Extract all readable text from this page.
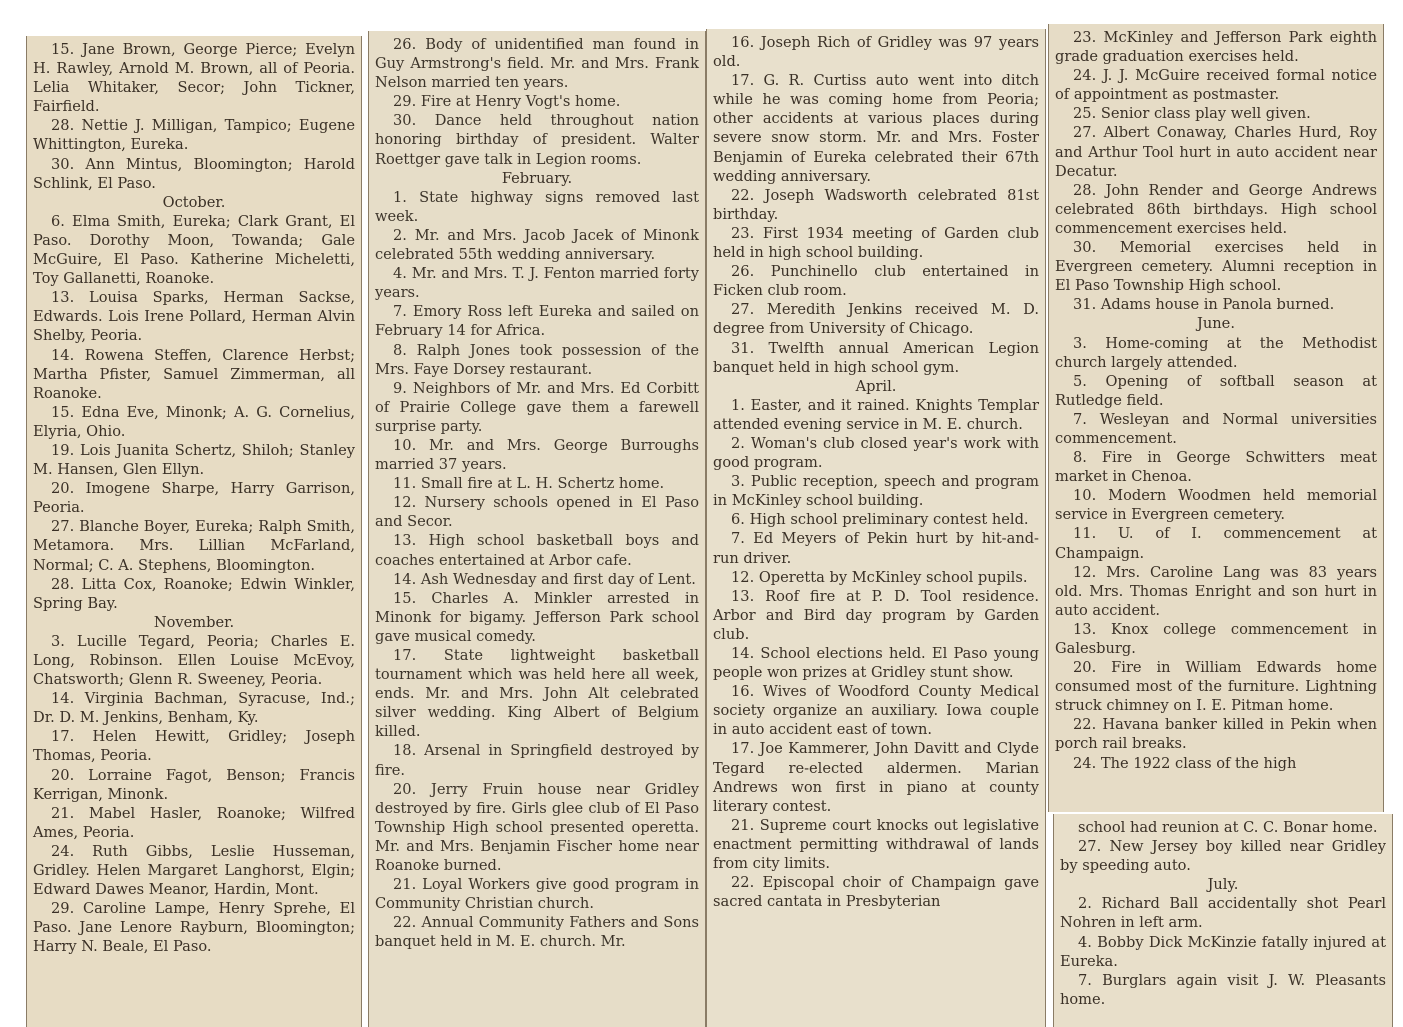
15. Jane Brown, George Pierce; Evelyn H. Rawley, Arnold M. Brown, all of Peoria. Lelia Whitaker, Secor; John Tickner, Fairfield.

28. Nettie J. Milligan, Tampico; Eugene Whittington, Eureka.

30. Ann Mintus, Bloomington; Harold Schlink, El Paso.

October.

6. Elma Smith, Eureka; Clark Grant, El Paso. Dorothy Moon, Towanda; Gale McGuire, El Paso. Katherine Micheletti, Toy Gallanetti, Roanoke.

13. Louisa Sparks, Herman Sackse, Edwards. Lois Irene Pollard, Herman Alvin Shelby, Peoria.

14. Rowena Steffen, Clarence Herbst; Martha Pfister, Samuel Zimmerman, all Roanoke.

15. Edna Eve, Minonk; A. G. Cornelius, Elyria, Ohio.

19. Lois Juanita Schertz, Shiloh; Stanley M. Hansen, Glen Ellyn.

20. Imogene Sharpe, Harry Garrison, Peoria.

27. Blanche Boyer, Eureka; Ralph Smith, Metamora. Mrs. Lillian McFarland, Normal; C. A. Stephens, Bloomington.

28. Litta Cox, Roanoke; Edwin Winkler, Spring Bay.

November.

3. Lucille Tegard, Peoria; Charles E. Long, Robinson. Ellen Louise McEvoy, Chatsworth; Glenn R. Sweeney, Peoria.

14. Virginia Bachman, Syracuse, Ind.; Dr. D. M. Jenkins, Benham, Ky.

17. Helen Hewitt, Gridley; Joseph Thomas, Peoria.

20. Lorraine Fagot, Benson; Francis Kerrigan, Minonk.

21. Mabel Hasler, Roanoke; Wilfred Ames, Peoria.

24. Ruth Gibbs, Leslie Husseman, Gridley. Helen Margaret Langhorst, Elgin; Edward Dawes Meanor, Hardin, Mont.

29. Caroline Lampe, Henry Sprehe, El Paso. Jane Lenore Rayburn, Bloomington; Harry N. Beale, El Paso.

26. Body of unidentified man found in Guy Armstrong's field. Mr. and Mrs. Frank Nelson married ten years.

29. Fire at Henry Vogt's home.

30. Dance held throughout nation honoring birthday of president. Walter Roettger gave talk in Legion rooms.

February.

1. State highway signs removed last week.

2. Mr. and Mrs. Jacob Jacek of Minonk celebrated 55th wedding anniversary.

4. Mr. and Mrs. T. J. Fenton married forty years.

7. Emory Ross left Eureka and sailed on February 14 for Africa.

8. Ralph Jones took possession of the Mrs. Faye Dorsey restaurant.

9. Neighbors of Mr. and Mrs. Ed Corbitt of Prairie College gave them a farewell surprise party.

10. Mr. and Mrs. George Burroughs married 37 years.

11. Small fire at L. H. Schertz home.

12. Nursery schools opened in El Paso and Secor.

13. High school basketball boys and coaches entertained at Arbor cafe.

14. Ash Wednesday and first day of Lent.

15. Charles A. Minkler arrested in Minonk for bigamy. Jefferson Park school gave musical comedy.

17. State lightweight basketball tournament which was held here all week, ends. Mr. and Mrs. John Alt celebrated silver wedding. King Albert of Belgium killed.

18. Arsenal in Springfield destroyed by fire.

20. Jerry Fruin house near Gridley destroyed by fire. Girls glee club of El Paso Township High school presented operetta. Mr. and Mrs. Benjamin Fischer home near Roanoke burned.

21. Loyal Workers give good program in Community Christian church.

22. Annual Community Fathers and Sons banquet held in M. E. church. Mr.

16. Joseph Rich of Gridley was 97 years old.

17. G. R. Curtiss auto went into ditch while he was coming home from Peoria; other accidents at various places during severe snow storm. Mr. and Mrs. Foster Benjamin of Eureka celebrated their 67th wedding anniversary.

22. Joseph Wadsworth celebrated 81st birthday.

23. First 1934 meeting of Garden club held in high school building.

26. Punchinello club entertained in Ficken club room.

27. Meredith Jenkins received M. D. degree from University of Chicago.

31. Twelfth annual American Legion banquet held in high school gym.

April.

1. Easter, and it rained. Knights Templar attended evening service in M. E. church.

2. Woman's club closed year's work with good program.

3. Public reception, speech and program in McKinley school building.

6. High school preliminary contest held.

7. Ed Meyers of Pekin hurt by hit-and-run driver.

12. Operetta by McKinley school pupils.

13. Roof fire at P. D. Tool residence. Arbor and Bird day program by Garden club.

14. School elections held. El Paso young people won prizes at Gridley stunt show.

16. Wives of Woodford County Medical society organize an auxiliary. Iowa couple in auto accident east of town.

17. Joe Kammerer, John Davitt and Clyde Tegard re-elected aldermen. Marian Andrews won first in piano at county literary contest.

21. Supreme court knocks out legislative enactment permitting withdrawal of lands from city limits.

22. Episcopal choir of Champaign gave sacred cantata in Presbyterian

23. McKinley and Jefferson Park eighth grade graduation exercises held.

24. J. J. McGuire received formal notice of appointment as postmaster.

25. Senior class play well given.

27. Albert Conaway, Charles Hurd, Roy and Arthur Tool hurt in auto accident near Decatur.

28. John Render and George Andrews celebrated 86th birthdays. High school commencement exercises held.

30. Memorial exercises held in Evergreen cemetery. Alumni reception in El Paso Township High school.

31. Adams house in Panola burned.

June.

3. Home-coming at the Methodist church largely attended.

5. Opening of softball season at Rutledge field.

7. Wesleyan and Normal universities commencement.

8. Fire in George Schwitters meat market in Chenoa.

10. Modern Woodmen held memorial service in Evergreen cemetery.

11. U. of I. commencement at Champaign.

12. Mrs. Caroline Lang was 83 years old. Mrs. Thomas Enright and son hurt in auto accident.

13. Knox college commencement in Galesburg.

20. Fire in William Edwards home consumed most of the furniture. Lightning struck chimney on I. E. Pitman home.

22. Havana banker killed in Pekin when porch rail breaks.

24. The 1922 class of the high

school had reunion at C. C. Bonar home.

27. New Jersey boy killed near Gridley by speeding auto.

July.

2. Richard Ball accidentally shot Pearl Nohren in left arm.

4. Bobby Dick McKinzie fatally injured at Eureka.

7. Burglars again visit J. W. Pleasants home.
